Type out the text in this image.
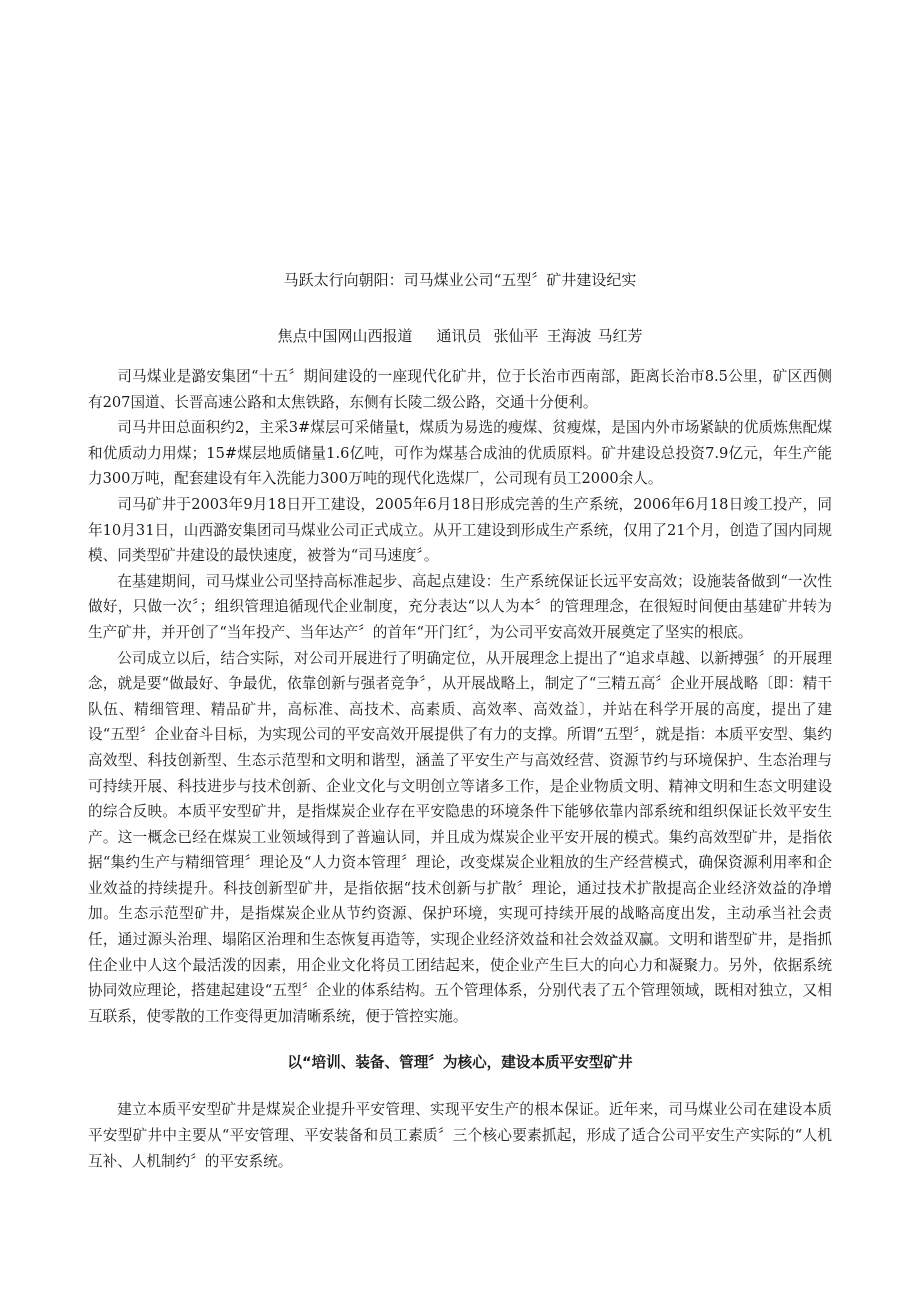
马跃太行向朝阳：司马煤业公司“五型〞矿井建设纪实
焦点中国网山西报道 通讯员 张仙平 王海波 马红芳

司马煤业是潞安集团“十五〞期间建设的一座现代化矿井，位于长治市西南部，距离长治市8.5公里，矿区西侧有207国道、长晋高速公路和太焦铁路，东侧有长陵二级公路，交通十分便利。

司马井田总面积约2，主采3#煤层可采储量t，煤质为易选的瘦煤、贫瘦煤，是国内外市场紧缺的优质炼焦配煤和优质动力用煤；15#煤层地质储量1.6亿吨，可作为煤基合成油的优质原料。矿井建设总投资7.9亿元，年生产能力300万吨，配套建设有年入洗能力300万吨的现代化选煤厂，公司现有员工2000余人。

司马矿井于2003年9月18日开工建设，2005年6月18日形成完善的生产系统，2006年6月18日竣工投产，同年10月31日，山西潞安集团司马煤业公司正式成立。从开工建设到形成生产系统，仅用了21个月，创造了国内同规模、同类型矿井建设的最快速度，被誉为“司马速度〞。

在基建期间，司马煤业公司坚持高标准起步、高起点建设：生产系统保证长远平安高效；设施装备做到“一次性做好，只做一次〞；组织管理追循现代企业制度，充分表达“以人为本〞的管理理念，在很短时间便由基建矿井转为生产矿井，并开创了“当年投产、当年达产〞的首年“开门红〞，为公司平安高效开展奠定了坚实的根底。

公司成立以后，结合实际，对公司开展进行了明确定位，从开展理念上提出了“追求卓越、以新搏强〞的开展理念，就是要“做最好、争最优，依靠创新与强者竞争〞，从开展战略上，制定了“三精五高〞企业开展战略〔即：精干队伍、精细管理、精品矿井，高标准、高技术、高素质、高效率、高效益〕，并站在科学开展的高度，提出了建设“五型〞企业奋斗目标，为实现公司的平安高效开展提供了有力的支撑。所谓“五型〞，就是指：本质平安型、集约高效型、科技创新型、生态示范型和文明和谐型，涵盖了平安生产与高效经营、资源节约与环境保护、生态治理与可持续开展、科技进步与技术创新、企业文化与文明创立等诸多工作，是企业物质文明、精神文明和生态文明建设的综合反映。本质平安型矿井，是指煤炭企业存在平安隐患的环境条件下能够依靠内部系统和组织保证长效平安生产。这一概念已经在煤炭工业领域得到了普遍认同，并且成为煤炭企业平安开展的模式。集约高效型矿井，是指依据“集约生产与精细管理〞理论及“人力资本管理〞理论，改变煤炭企业粗放的生产经营模式，确保资源利用率和企业效益的持续提升。科技创新型矿井，是指依据“技术创新与扩散〞理论，通过技术扩散提高企业经济效益的净增加。生态示范型矿井，是指煤炭企业从节约资源、保护环境，实现可持续开展的战略高度出发，主动承当社会责任，通过源头治理、塌陷区治理和生态恢复再造等，实现企业经济效益和社会效益双赢。文明和谐型矿井，是指抓住企业中人这个最活泼的因素，用企业文化将员工团结起来，使企业产生巨大的向心力和凝聚力。另外，依据系统协同效应理论，搭建起建设“五型〞企业的体系结构。五个管理体系，分别代表了五个管理领域，既相对独立，又相互联系，使零散的工作变得更加清晰系统，便于管控实施。

以“培训、装备、管理〞为核心，建设本质平安型矿井

建立本质平安型矿井是煤炭企业提升平安管理、实现平安生产的根本保证。近年来，司马煤业公司在建设本质平安型矿井中主要从“平安管理、平安装备和员工素质〞三个核心要素抓起，形成了适合公司平安生产实际的“人机互补、人机制约〞的平安系统。
